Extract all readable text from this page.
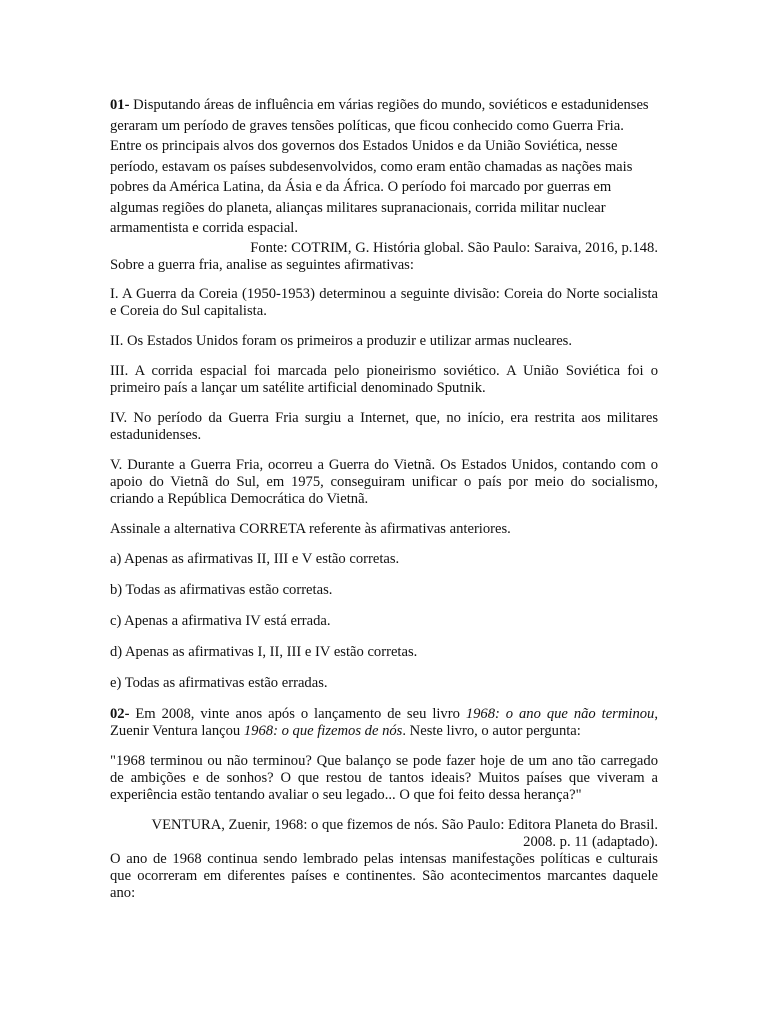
01- Disputando áreas de influência em várias regiões do mundo, soviéticos e estadunidenses geraram um período de graves tensões políticas, que ficou conhecido como Guerra Fria. Entre os principais alvos dos governos dos Estados Unidos e da União Soviética, nesse período, estavam os países subdesenvolvidos, como eram então chamadas as nações mais pobres da América Latina, da Ásia e da África. O período foi marcado por guerras em algumas regiões do planeta, alianças militares supranacionais, corrida militar nuclear armamentista e corrida espacial.

Fonte: COTRIM, G. História global. São Paulo: Saraiva, 2016, p.148.

Sobre a guerra fria, analise as seguintes afirmativas:

I. A Guerra da Coreia (1950-1953) determinou a seguinte divisão: Coreia do Norte socialista e Coreia do Sul capitalista.

II. Os Estados Unidos foram os primeiros a produzir e utilizar armas nucleares.

III. A corrida espacial foi marcada pelo pioneirismo soviético. A União Soviética foi o primeiro país a lançar um satélite artificial denominado Sputnik.

IV. No período da Guerra Fria surgiu a Internet, que, no início, era restrita aos militares estadunidenses.

V. Durante a Guerra Fria, ocorreu a Guerra do Vietnã. Os Estados Unidos, contando com o apoio do Vietnã do Sul, em 1975, conseguiram unificar o país por meio do socialismo, criando a República Democrática do Vietnã.

Assinale a alternativa CORRETA referente às afirmativas anteriores.

a) Apenas as afirmativas II, III e V estão corretas.

b) Todas as afirmativas estão corretas.

c) Apenas a afirmativa IV está errada.

d) Apenas as afirmativas I, II, III e IV estão corretas.

e) Todas as afirmativas estão erradas.

02- Em 2008, vinte anos após o lançamento de seu livro 1968: o ano que não terminou, Zuenir Ventura lançou 1968: o que fizemos de nós. Neste livro, o autor pergunta:

"1968 terminou ou não terminou? Que balanço se pode fazer hoje de um ano tão carregado de ambições e de sonhos? O que restou de tantos ideais? Muitos países que viveram a experiência estão tentando avaliar o seu legado... O que foi feito dessa herança?"

VENTURA, Zuenir, 1968: o que fizemos de nós. São Paulo: Editora Planeta do Brasil.

2008. p. 11 (adaptado).

O ano de 1968 continua sendo lembrado pelas intensas manifestações políticas e culturais que ocorreram em diferentes países e continentes. São acontecimentos marcantes daquele ano:
